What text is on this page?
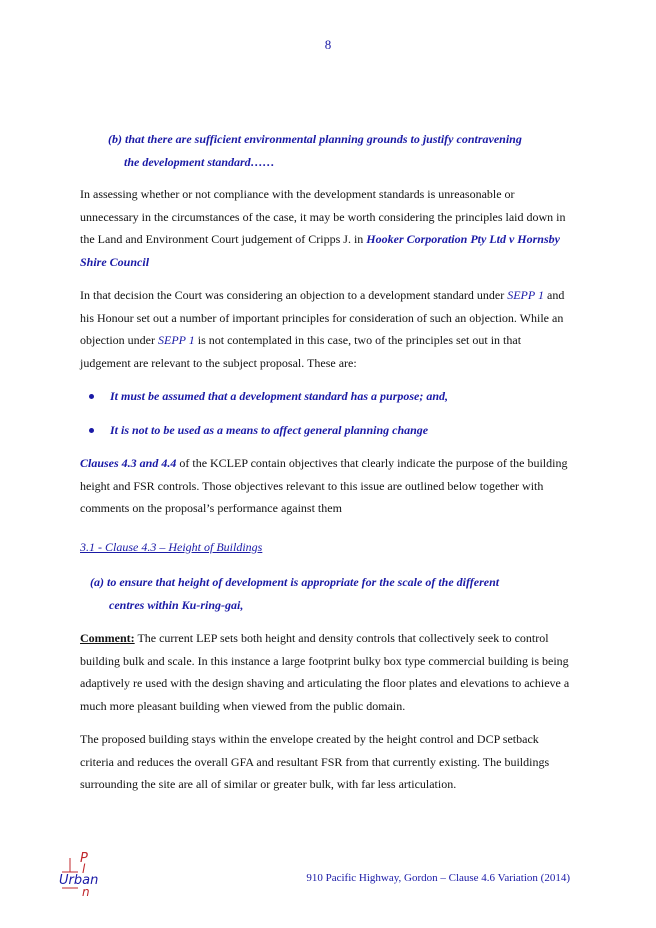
8

(b) that there are sufficient environmental planning grounds to justify contravening
the development standard……

In assessing whether or not compliance with the development standards is unreasonable or unnecessary in the circumstances of the case, it may be worth considering the principles laid down in the Land and Environment Court judgement of Cripps J. in Hooker Corporation Pty Ltd v Hornsby Shire Council

In that decision the Court was considering an objection to a development standard under SEPP 1 and his Honour set out a number of important principles for consideration of such an objection. While an objection under SEPP 1 is not contemplated in this case, two of the principles set out in that judgement are relevant to the subject proposal. These are:

It must be assumed that a development standard has a purpose; and,
It is not to be used as a means to affect general planning change

Clauses 4.3 and 4.4 of the KCLEP contain objectives that clearly indicate the purpose of the building height and FSR controls. Those objectives relevant to this issue are outlined below together with comments on the proposal’s performance against them

3.1 - Clause 4.3 – Height of Buildings

(a) to ensure that height of development is appropriate for the scale of the different
centres within Ku-ring-gai,

Comment: The current LEP sets both height and density controls that collectively seek to control building bulk and scale. In this instance a large footprint bulky box type commercial building is being adaptively re used with the design shaving and articulating the floor plates and elevations to achieve a much more pleasant building when viewed from the public domain.

The proposed building stays within the envelope created by the height control and DCP setback criteria and reduces the overall GFA and resultant FSR from that currently existing. The buildings surrounding the site are all of similar or greater bulk, with far less articulation.

P
l
Urban
n
910 Pacific Highway, Gordon – Clause 4.6 Variation (2014)
